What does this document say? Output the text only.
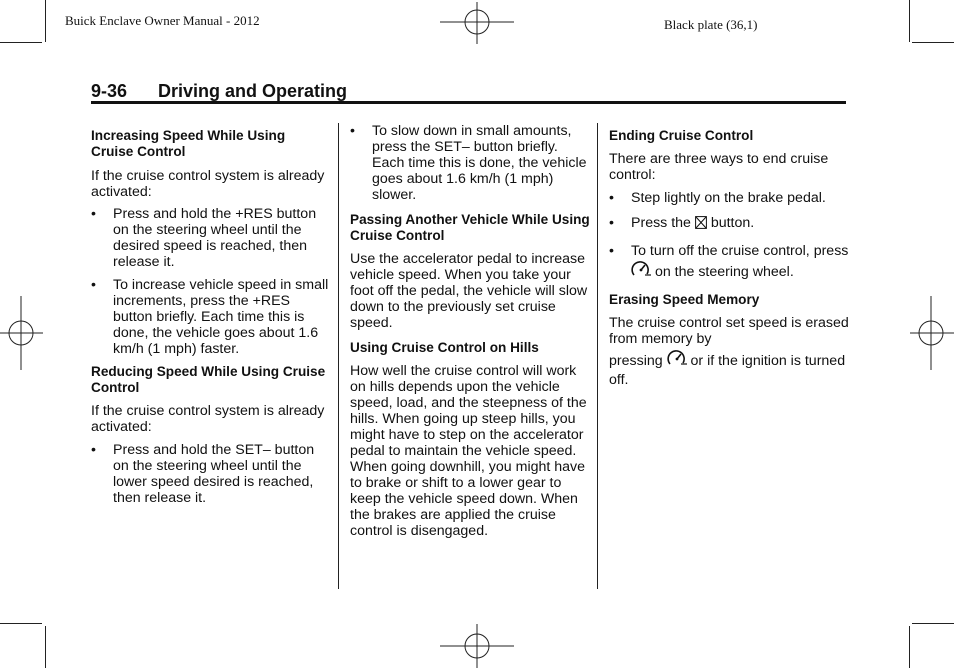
Buick Enclave Owner Manual - 2012	Black plate (36,1)
9-36 Driving and Operating
Increasing Speed While Using Cruise Control
If the cruise control system is already activated:
• Press and hold the +RES button on the steering wheel until the desired speed is reached, then release it.
• To increase vehicle speed in small increments, press the +RES button briefly. Each time this is done, the vehicle goes about 1.6 km/h (1 mph) faster.
Reducing Speed While Using Cruise Control
If the cruise control system is already activated:
• Press and hold the SET– button on the steering wheel until the lower speed desired is reached, then release it.
• To slow down in small amounts, press the SET– button briefly. Each time this is done, the vehicle goes about 1.6 km/h (1 mph) slower.
Passing Another Vehicle While Using Cruise Control
Use the accelerator pedal to increase vehicle speed. When you take your foot off the pedal, the vehicle will slow down to the previously set cruise speed.
Using Cruise Control on Hills
How well the cruise control will work on hills depends upon the vehicle speed, load, and the steepness of the hills. When going up steep hills, you might have to step on the accelerator pedal to maintain the vehicle speed. When going downhill, you might have to brake or shift to a lower gear to keep the vehicle speed down. When the brakes are applied the cruise control is disengaged.
Ending Cruise Control
There are three ways to end cruise control:
• Step lightly on the brake pedal.
• Press the  button.
• To turn off the cruise control, press  on the steering wheel.
Erasing Speed Memory
The cruise control set speed is erased from memory by
pressing  or if the ignition is turned off.
